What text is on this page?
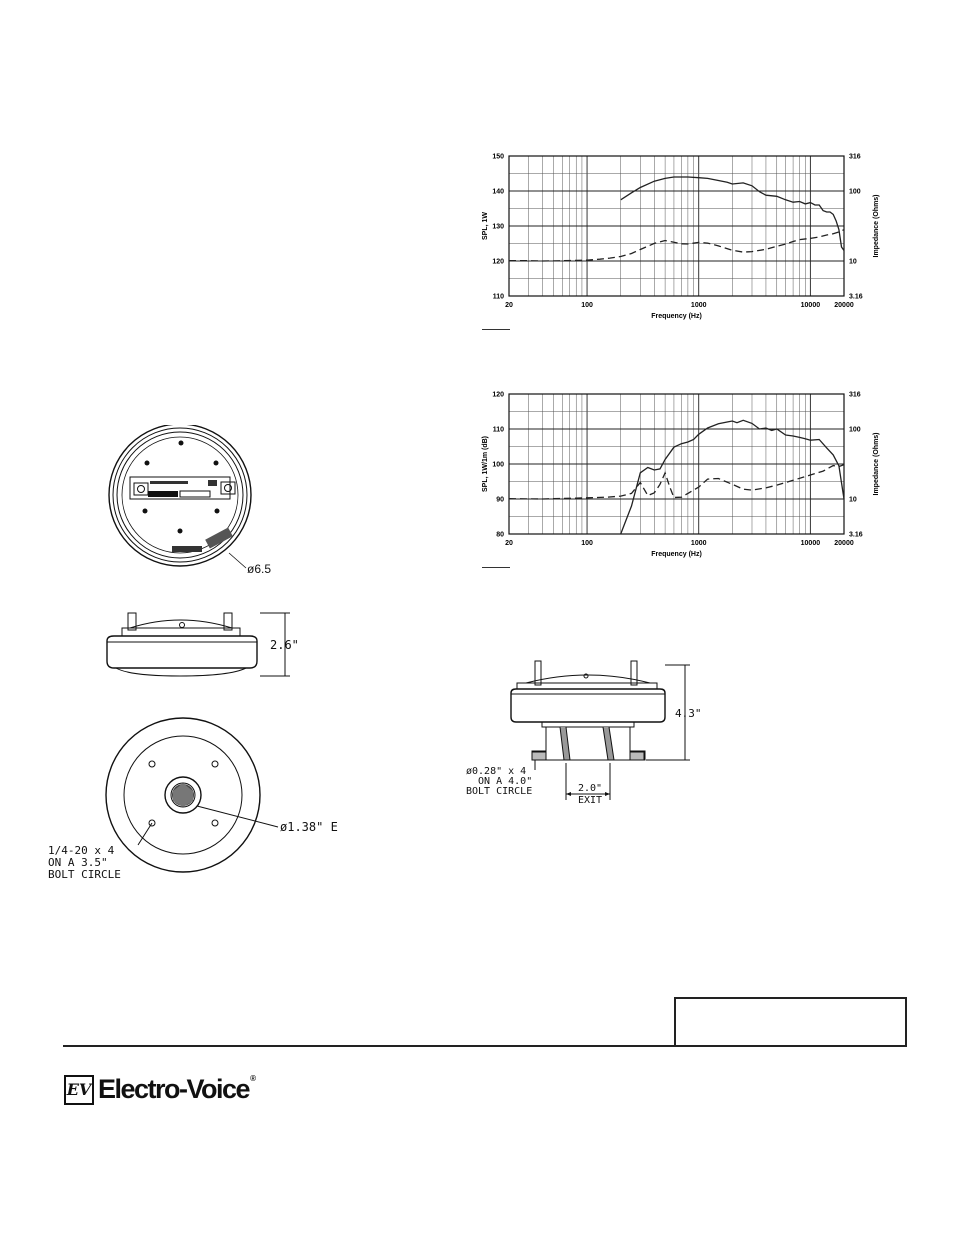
20	100	1000	10000 20000
110
120
130
140
150
3.16
10
100
316
Frequency (Hz)
SPL, 1W	Impedance (Ohms)
20	100	1000	10000 20000
80
90
100
110
120
3.16
10
100
316
Frequency (Hz)
SPL, 1W/1m (dB)	Impedance (Ohms)
ø6.5
2.6"
ø1.38" E
1/4-20 x 4
ON A 3.5"
BOLT CIRCLE
4.3"
ø0.28" x 4
ON A 4.0"
BOLT CIRCLE	2.0"
EXIT
EV Electro-Voice®
